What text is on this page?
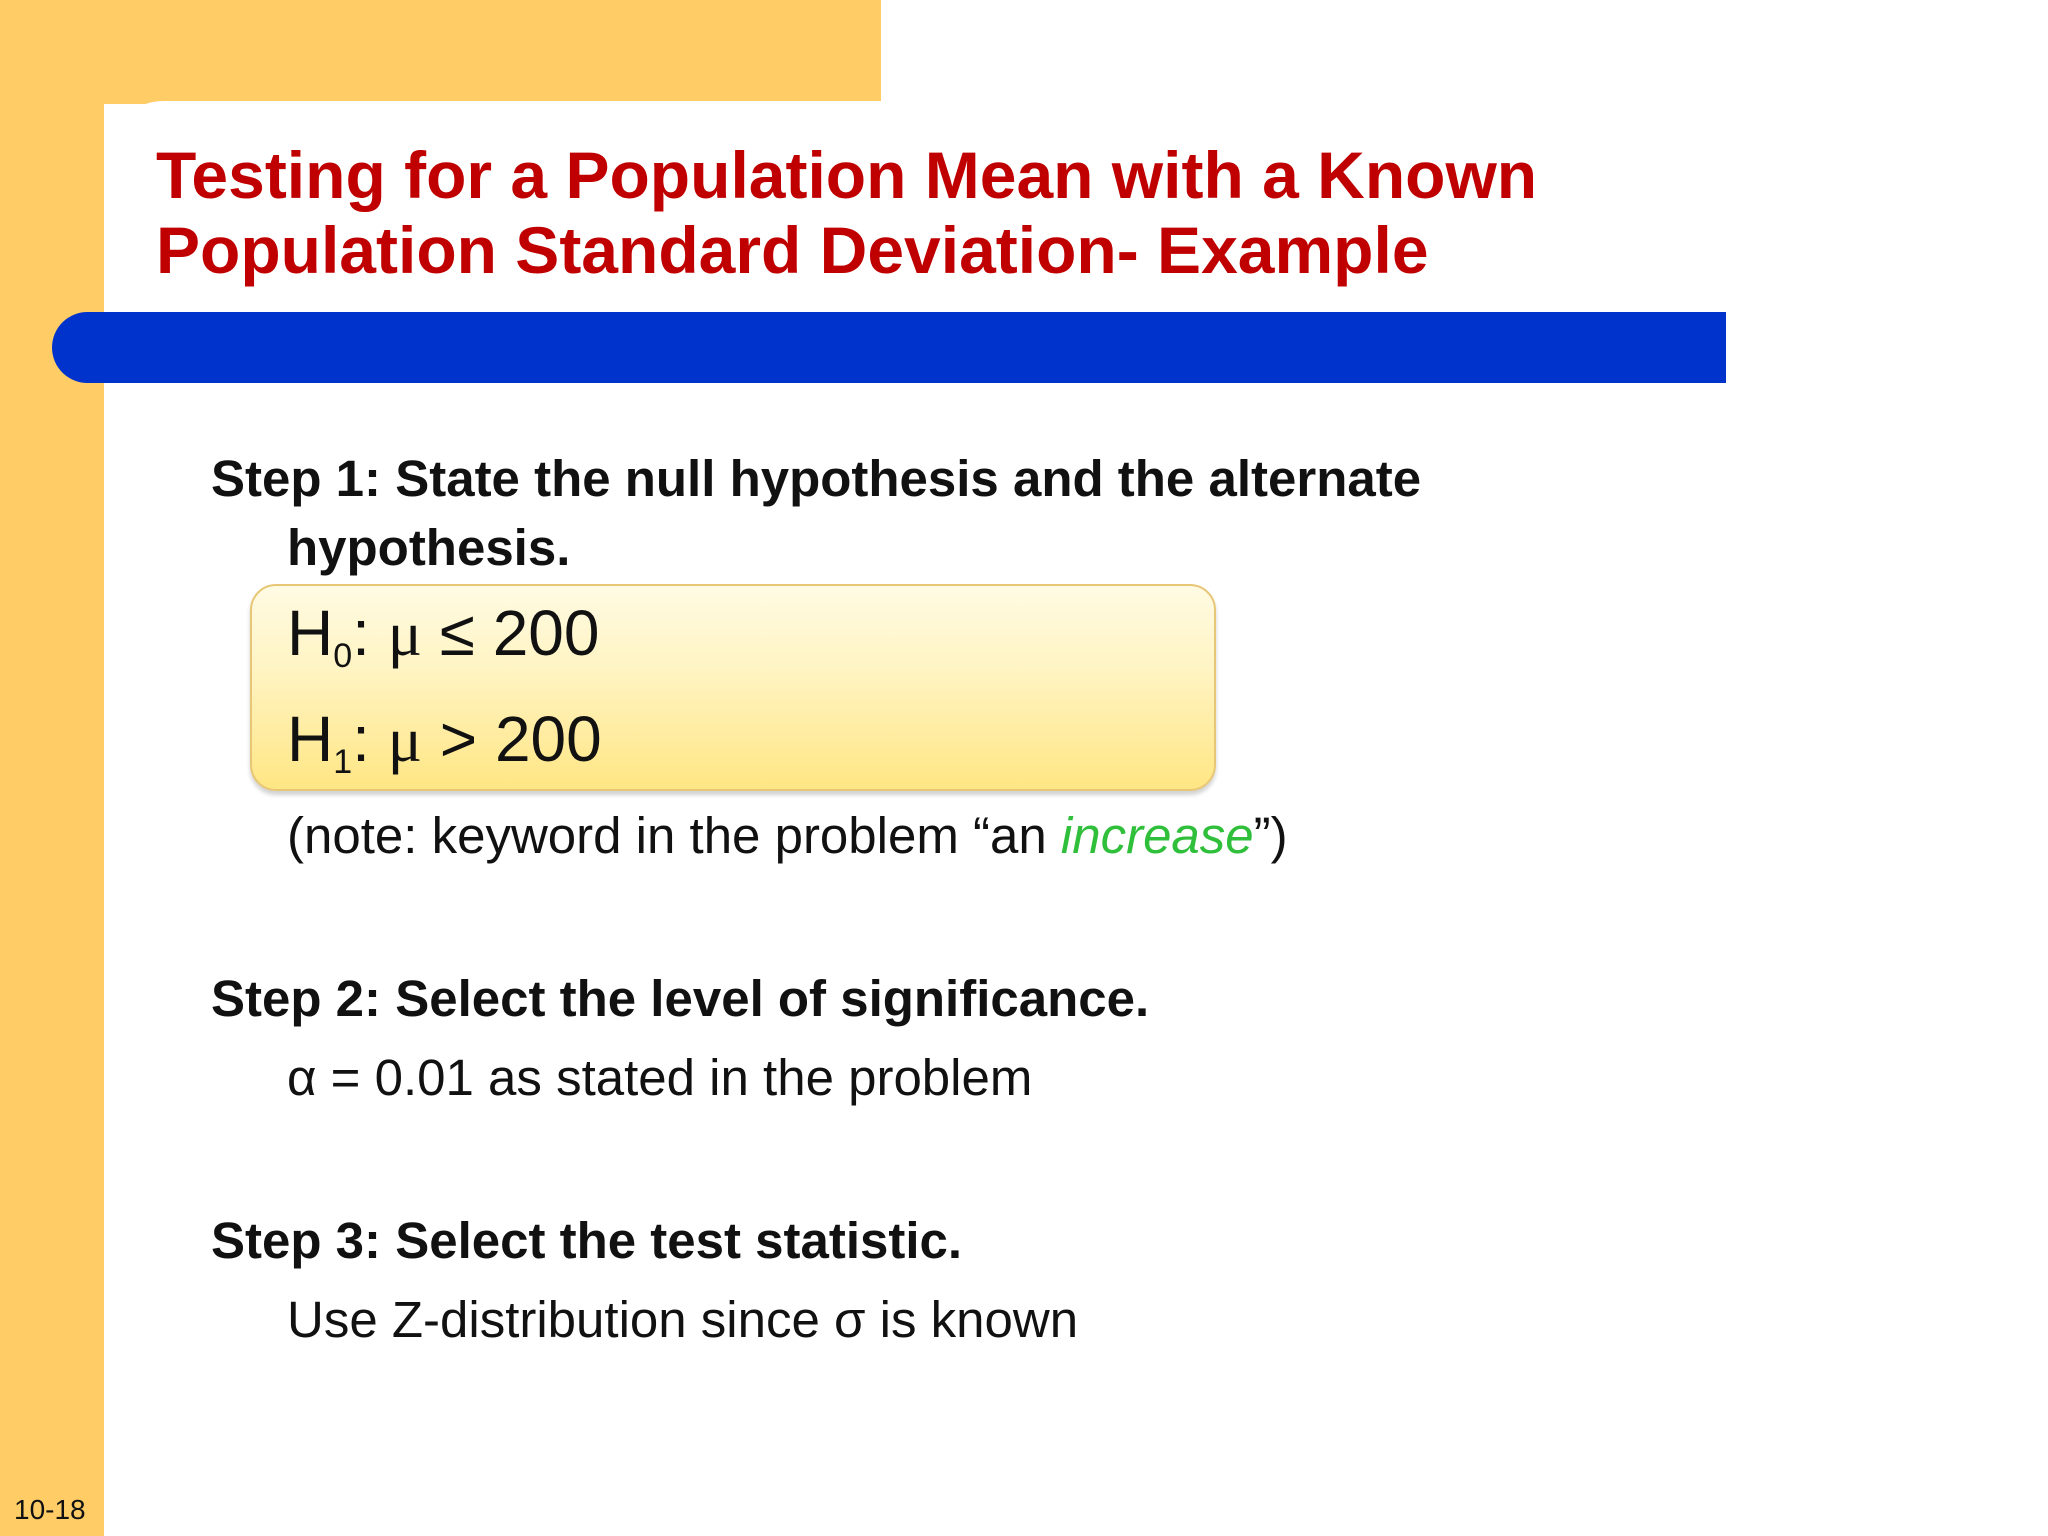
Testing for a Population Mean with a Known
Population Standard Deviation- Example
Step 1: State the null hypothesis and the alternate
hypothesis.
$H_0$: μ ≤ 200
$H_1$: μ > 200
(note: keyword in the problem “an increase”)
Step 2: Select the level of significance.
α = 0.01 as stated in the problem
Step 3: Select the test statistic.
Use Z-distribution since σ is known
10-18
